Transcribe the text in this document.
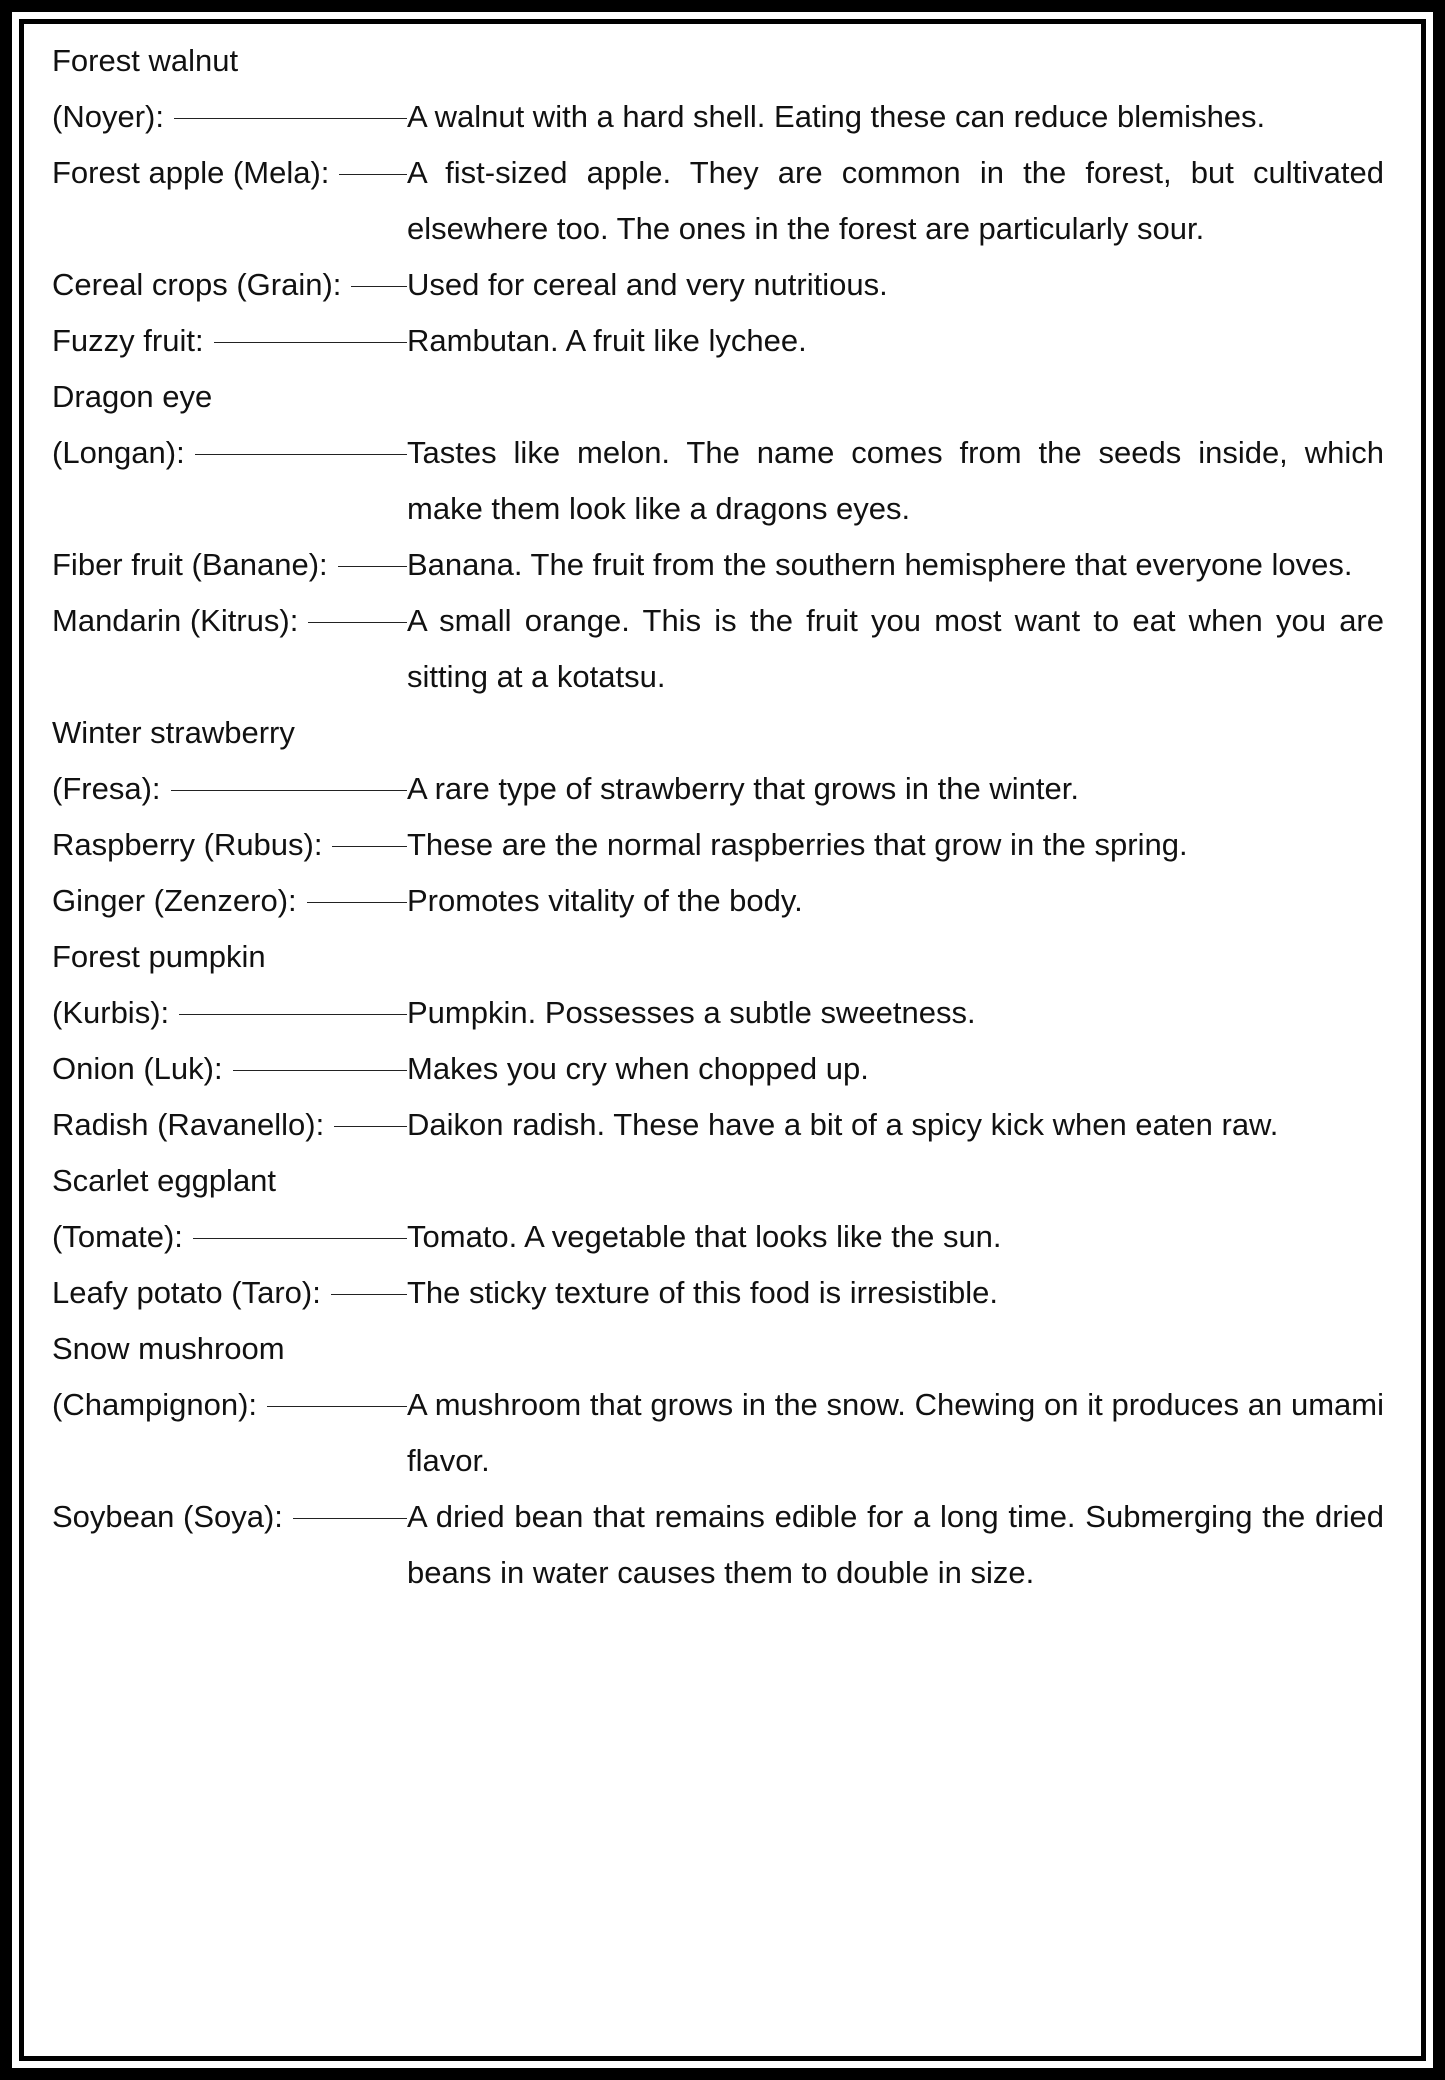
Forest walnut
(Noyer):	A walnut with a hard shell. Eating these can reduce blemishes.
Forest apple (Mela):	A fist-sized apple. They are common in the forest, but cultivated elsewhere too. The ones in the forest are particularly sour.
Cereal crops (Grain): Used for cereal and very nutritious.
Fuzzy fruit:	Rambutan. A fruit like lychee.
Dragon eye
(Longan):	Tastes like melon. The name comes from the seeds inside, which make them look like a dragons eyes.
Fiber fruit (Banane):	Banana. The fruit from the southern hemisphere that everyone loves.
Mandarin (Kitrus):	A small orange. This is the fruit you most want to eat when you are sitting at a kotatsu.
Winter strawberry
(Fresa):	A rare type of strawberry that grows in the winter.
Raspberry (Rubus):	These are the normal raspberries that grow in the spring.
Ginger (Zenzero):	Promotes vitality of the body.
Forest pumpkin
(Kurbis):	Pumpkin. Possesses a subtle sweetness.
Onion (Luk):	Makes you cry when chopped up.
Radish (Ravanello):	Daikon radish. These have a bit of a spicy kick when eaten raw.
Scarlet eggplant
(Tomate):	Tomato. A vegetable that looks like the sun.
Leafy potato (Taro):	The sticky texture of this food is irresistible.
Snow mushroom
(Champignon):	A mushroom that grows in the snow. Chewing on it produces an umami flavor.
Soybean (Soya):	A dried bean that remains edible for a long time. Submerging the dried beans in water causes them to double in size.
